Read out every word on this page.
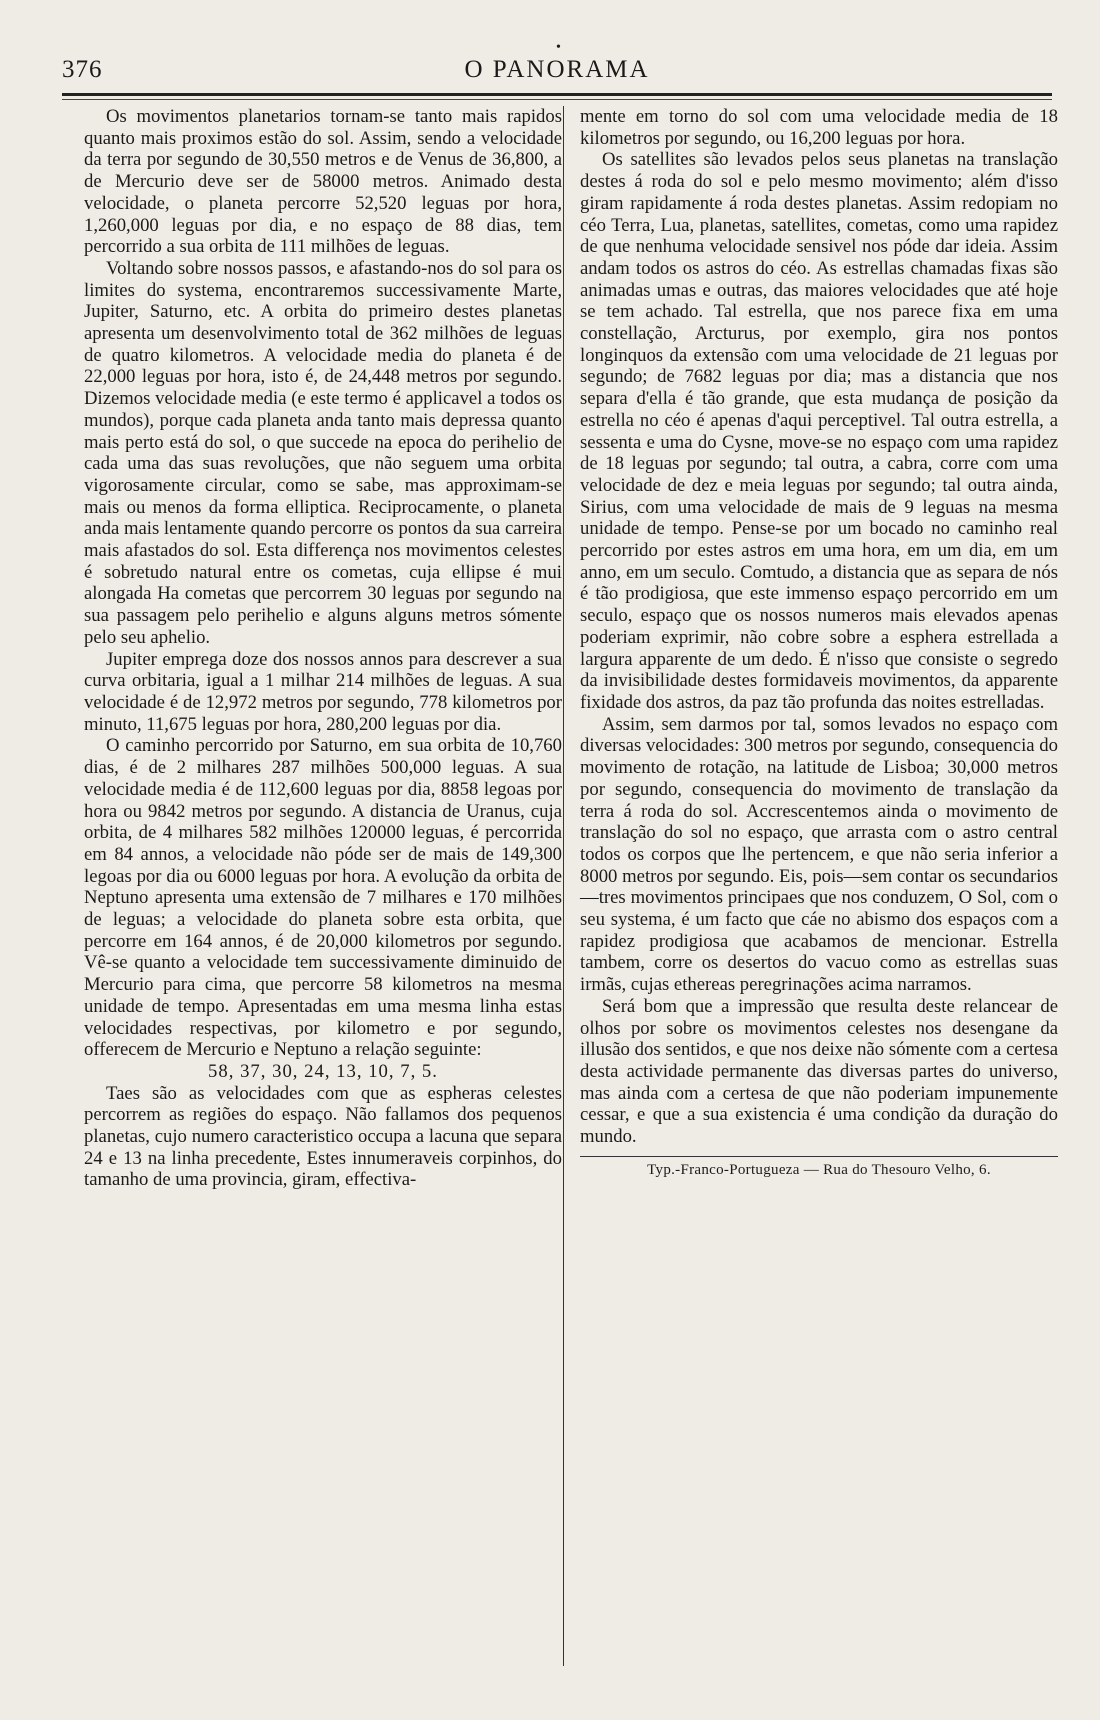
•
376	O PANORAMA

Os movimentos planetarios tornam-se tanto mais rapidos quanto mais proximos estão do sol. Assim, sendo a velocidade da terra por segundo de 30,550 metros e de Venus de 36,800, a de Mercurio deve ser de 58000 metros. Animado desta velocidade, o planeta percorre 52,520 leguas por hora, 1,260,000 leguas por dia, e no espaço de 88 dias, tem percorrido a sua orbita de 111 milhões de leguas.

Voltando sobre nossos passos, e afastando-nos do sol para os limites do systema, encontraremos successivamente Marte, Jupiter, Saturno, etc. A orbita do primeiro destes planetas apresenta um desenvolvimento total de 362 milhões de leguas de quatro kilometros. A velocidade media do planeta é de 22,000 leguas por hora, isto é, de 24,448 metros por segundo. Dizemos velocidade media (e este termo é applicavel a todos os mundos), porque cada planeta anda tanto mais depressa quanto mais perto está do sol, o que succede na epoca do perihelio de cada uma das suas revoluções, que não seguem uma orbita vigorosamente circular, como se sabe, mas approximam-se mais ou menos da forma elliptica. Reciprocamente, o planeta anda mais lentamente quando percorre os pontos da sua carreira mais afastados do sol. Esta differença nos movimentos celestes é sobretudo natural entre os cometas, cuja ellipse é mui alongada Ha cometas que percorrem 30 leguas por segundo na sua passagem pelo perihelio e alguns alguns metros sómente pelo seu aphelio.

Jupiter emprega doze dos nossos annos para descrever a sua curva orbitaria, igual a 1 milhar 214 milhões de leguas. A sua velocidade é de 12,972 metros por segundo, 778 kilometros por minuto, 11,675 leguas por hora, 280,200 leguas por dia.

O caminho percorrido por Saturno, em sua orbita de 10,760 dias, é de 2 milhares 287 milhões 500,000 leguas. A sua velocidade media é de 112,600 leguas por dia, 8858 legoas por hora ou 9842 metros por segundo. A distancia de Uranus, cuja orbita, de 4 milhares 582 milhões 120000 leguas, é percorrida em 84 annos, a velocidade não póde ser de mais de 149,300 legoas por dia ou 6000 leguas por hora. A evolução da orbita de Neptuno apresenta uma extensão de 7 milhares e 170 milhões de leguas; a velocidade do planeta sobre esta orbita, que percorre em 164 annos, é de 20,000 kilometros por segundo. Vê-se quanto a velocidade tem successivamente diminuido de Mercurio para cima, que percorre 58 kilometros na mesma unidade de tempo. Apresentadas em uma mesma linha estas velocidades respectivas, por kilometro e por segundo, offerecem de Mercurio e Neptuno a relação seguinte:

58, 37, 30, 24, 13, 10, 7, 5.

Taes são as velocidades com que as espheras celestes percorrem as regiões do espaço. Não fallamos dos pequenos planetas, cujo numero caracteristico occupa a lacuna que separa 24 e 13 na linha precedente, Estes innumeraveis corpinhos, do tamanho de uma provincia, giram, effectiva-

mente em torno do sol com uma velocidade media de 18 kilometros por segundo, ou 16,200 leguas por hora.

Os satellites são levados pelos seus planetas na translação destes á roda do sol e pelo mesmo movimento; além d'isso giram rapidamente á roda destes planetas. Assim redopiam no céo Terra, Lua, planetas, satellites, cometas, como uma rapidez de que nenhuma velocidade sensivel nos póde dar ideia. Assim andam todos os astros do céo. As estrellas chamadas fixas são animadas umas e outras, das maiores velocidades que até hoje se tem achado. Tal estrella, que nos parece fixa em uma constellação, Arcturus, por exemplo, gira nos pontos longinquos da extensão com uma velocidade de 21 leguas por segundo; de 7682 leguas por dia; mas a distancia que nos separa d'ella é tão grande, que esta mudança de posição da estrella no céo é apenas d'aqui perceptivel. Tal outra estrella, a sessenta e uma do Cysne, move-se no espaço com uma rapidez de 18 leguas por segundo; tal outra, a cabra, corre com uma velocidade de dez e meia leguas por segundo; tal outra ainda, Sirius, com uma velocidade de mais de 9 leguas na mesma unidade de tempo. Pense-se por um bocado no caminho real percorrido por estes astros em uma hora, em um dia, em um anno, em um seculo. Comtudo, a distancia que as separa de nós é tão prodigiosa, que este immenso espaço percorrido em um seculo, espaço que os nossos numeros mais elevados apenas poderiam exprimir, não cobre sobre a esphera estrellada a largura apparente de um dedo. É n'isso que consiste o segredo da invisibilidade destes formidaveis movimentos, da apparente fixidade dos astros, da paz tão profunda das noites estrelladas.

Assim, sem darmos por tal, somos levados no espaço com diversas velocidades: 300 metros por segundo, consequencia do movimento de rotação, na latitude de Lisboa; 30,000 metros por segundo, consequencia do movimento de translação da terra á roda do sol. Accrescentemos ainda o movimento de translação do sol no espaço, que arrasta com o astro central todos os corpos que lhe pertencem, e que não seria inferior a 8000 metros por segundo. Eis, pois—sem contar os secundarios—tres movimentos principaes que nos conduzem, O Sol, com o seu systema, é um facto que cáe no abismo dos espaços com a rapidez prodigiosa que acabamos de mencionar. Estrella tambem, corre os desertos do vacuo como as estrellas suas irmãs, cujas ethereas peregrinações acima narramos.

Será bom que a impressão que resulta deste relancear de olhos por sobre os movimentos celestes nos desengane da illusão dos sentidos, e que nos deixe não sómente com a certesa desta actividade permanente das diversas partes do universo, mas ainda com a certesa de que não poderiam impunemente cessar, e que a sua existencia é uma condição da duração do mundo.

Typ.-Franco-Portugueza — Rua do Thesouro Velho, 6.
